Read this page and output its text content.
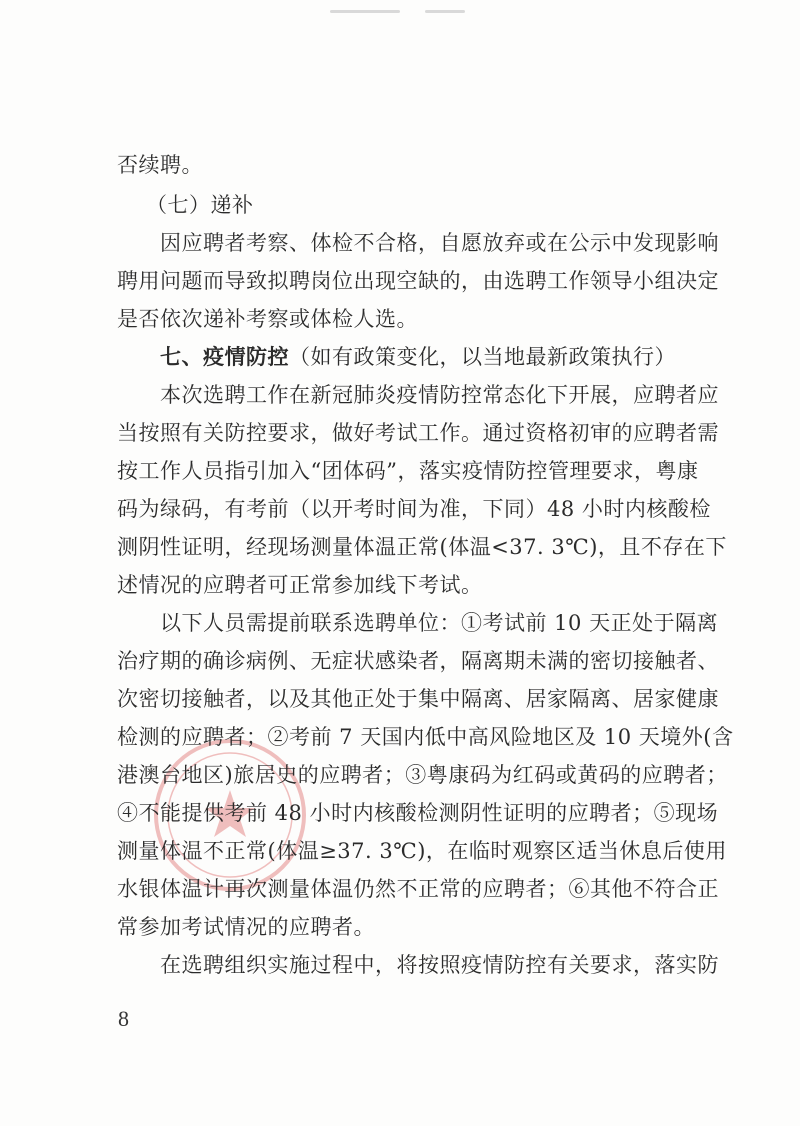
否续聘。
（七）递补
因应聘者考察、体检不合格，自愿放弃或在公示中发现影响
聘用问题而导致拟聘岗位出现空缺的，由选聘工作领导小组决定
是否依次递补考察或体检人选。
七、疫情防控（如有政策变化，以当地最新政策执行）
本次选聘工作在新冠肺炎疫情防控常态化下开展，应聘者应
当按照有关防控要求，做好考试工作。通过资格初审的应聘者需
按工作人员指引加入“团体码”，落实疫情防控管理要求，粤康
码为绿码，有考前（以开考时间为准，下同）48 小时内核酸检
测阴性证明，经现场测量体温正常(体温<37. 3℃)，且不存在下
述情况的应聘者可正常参加线下考试。
以下人员需提前联系选聘单位：①考试前 10 天正处于隔离
治疗期的确诊病例、无症状感染者，隔离期未满的密切接触者、
次密切接触者，以及其他正处于集中隔离、居家隔离、居家健康
检测的应聘者；②考前 7 天国内低中高风险地区及 10 天境外(含
港澳台地区)旅居史的应聘者；③粤康码为红码或黄码的应聘者；
④不能提供考前 48 小时内核酸检测阴性证明的应聘者；⑤现场
测量体温不正常(体温≥37. 3℃)，在临时观察区适当休息后使用
水银体温计再次测量体温仍然不正常的应聘者；⑥其他不符合正
常参加考试情况的应聘者。
在选聘组织实施过程中，将按照疫情防控有关要求，落实防
8
